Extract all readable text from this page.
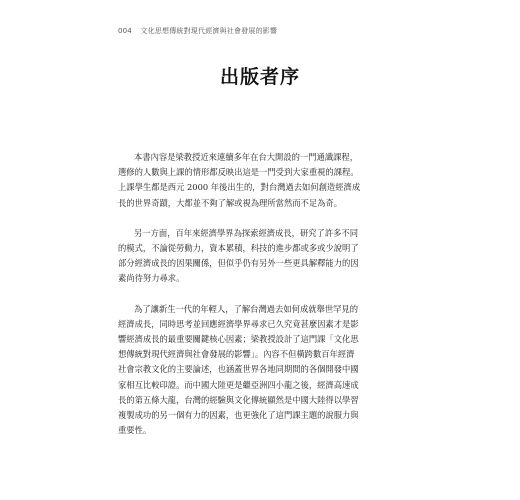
004 文化思想傳統對現代經濟與社會發展的影響
出版者序

本書內容是梁教授近來連續多年在台大開設的一門通識課程，
選修的人數與上課的情形都反映出這是一門受到大家重視的課程。
上課學生都是西元 2000 年後出生的，對台灣過去如何創造經濟成
長的世界奇蹟，大都並不夠了解或視為理所當然而不足為奇。

另一方面，百年來經濟學界為探索經濟成長，研究了許多不同
的模式，不論從勞動力，資本累積，科技的進步都或多或少說明了
部分經濟成長的因果關係，但似乎仍有另外一些更具解釋能力的因
素尚待努力尋求。

為了讓新生一代的年輕人，了解台灣過去如何成就舉世罕見的
經濟成長，同時思考並回應經濟學界尋求已久究竟甚麼因素才是影
響經濟成長的最重要關鍵核心因素；梁教授設計了這門課「文化思
想傳統對現代經濟與社會發展的影響」。內容不但橫跨數百年經濟
社會宗教文化的主要論述，也涵蓋世界各地同期間的各個開發中國
家相互比較印證。而中國大陸更是繼亞洲四小龍之後，經濟高速成
長的第五條大龍，台灣的經驗與文化傳統顯然是中國大陸得以學習
複製成功的另一個有力的因素，也更強化了這門課主題的說服力與
重要性。
